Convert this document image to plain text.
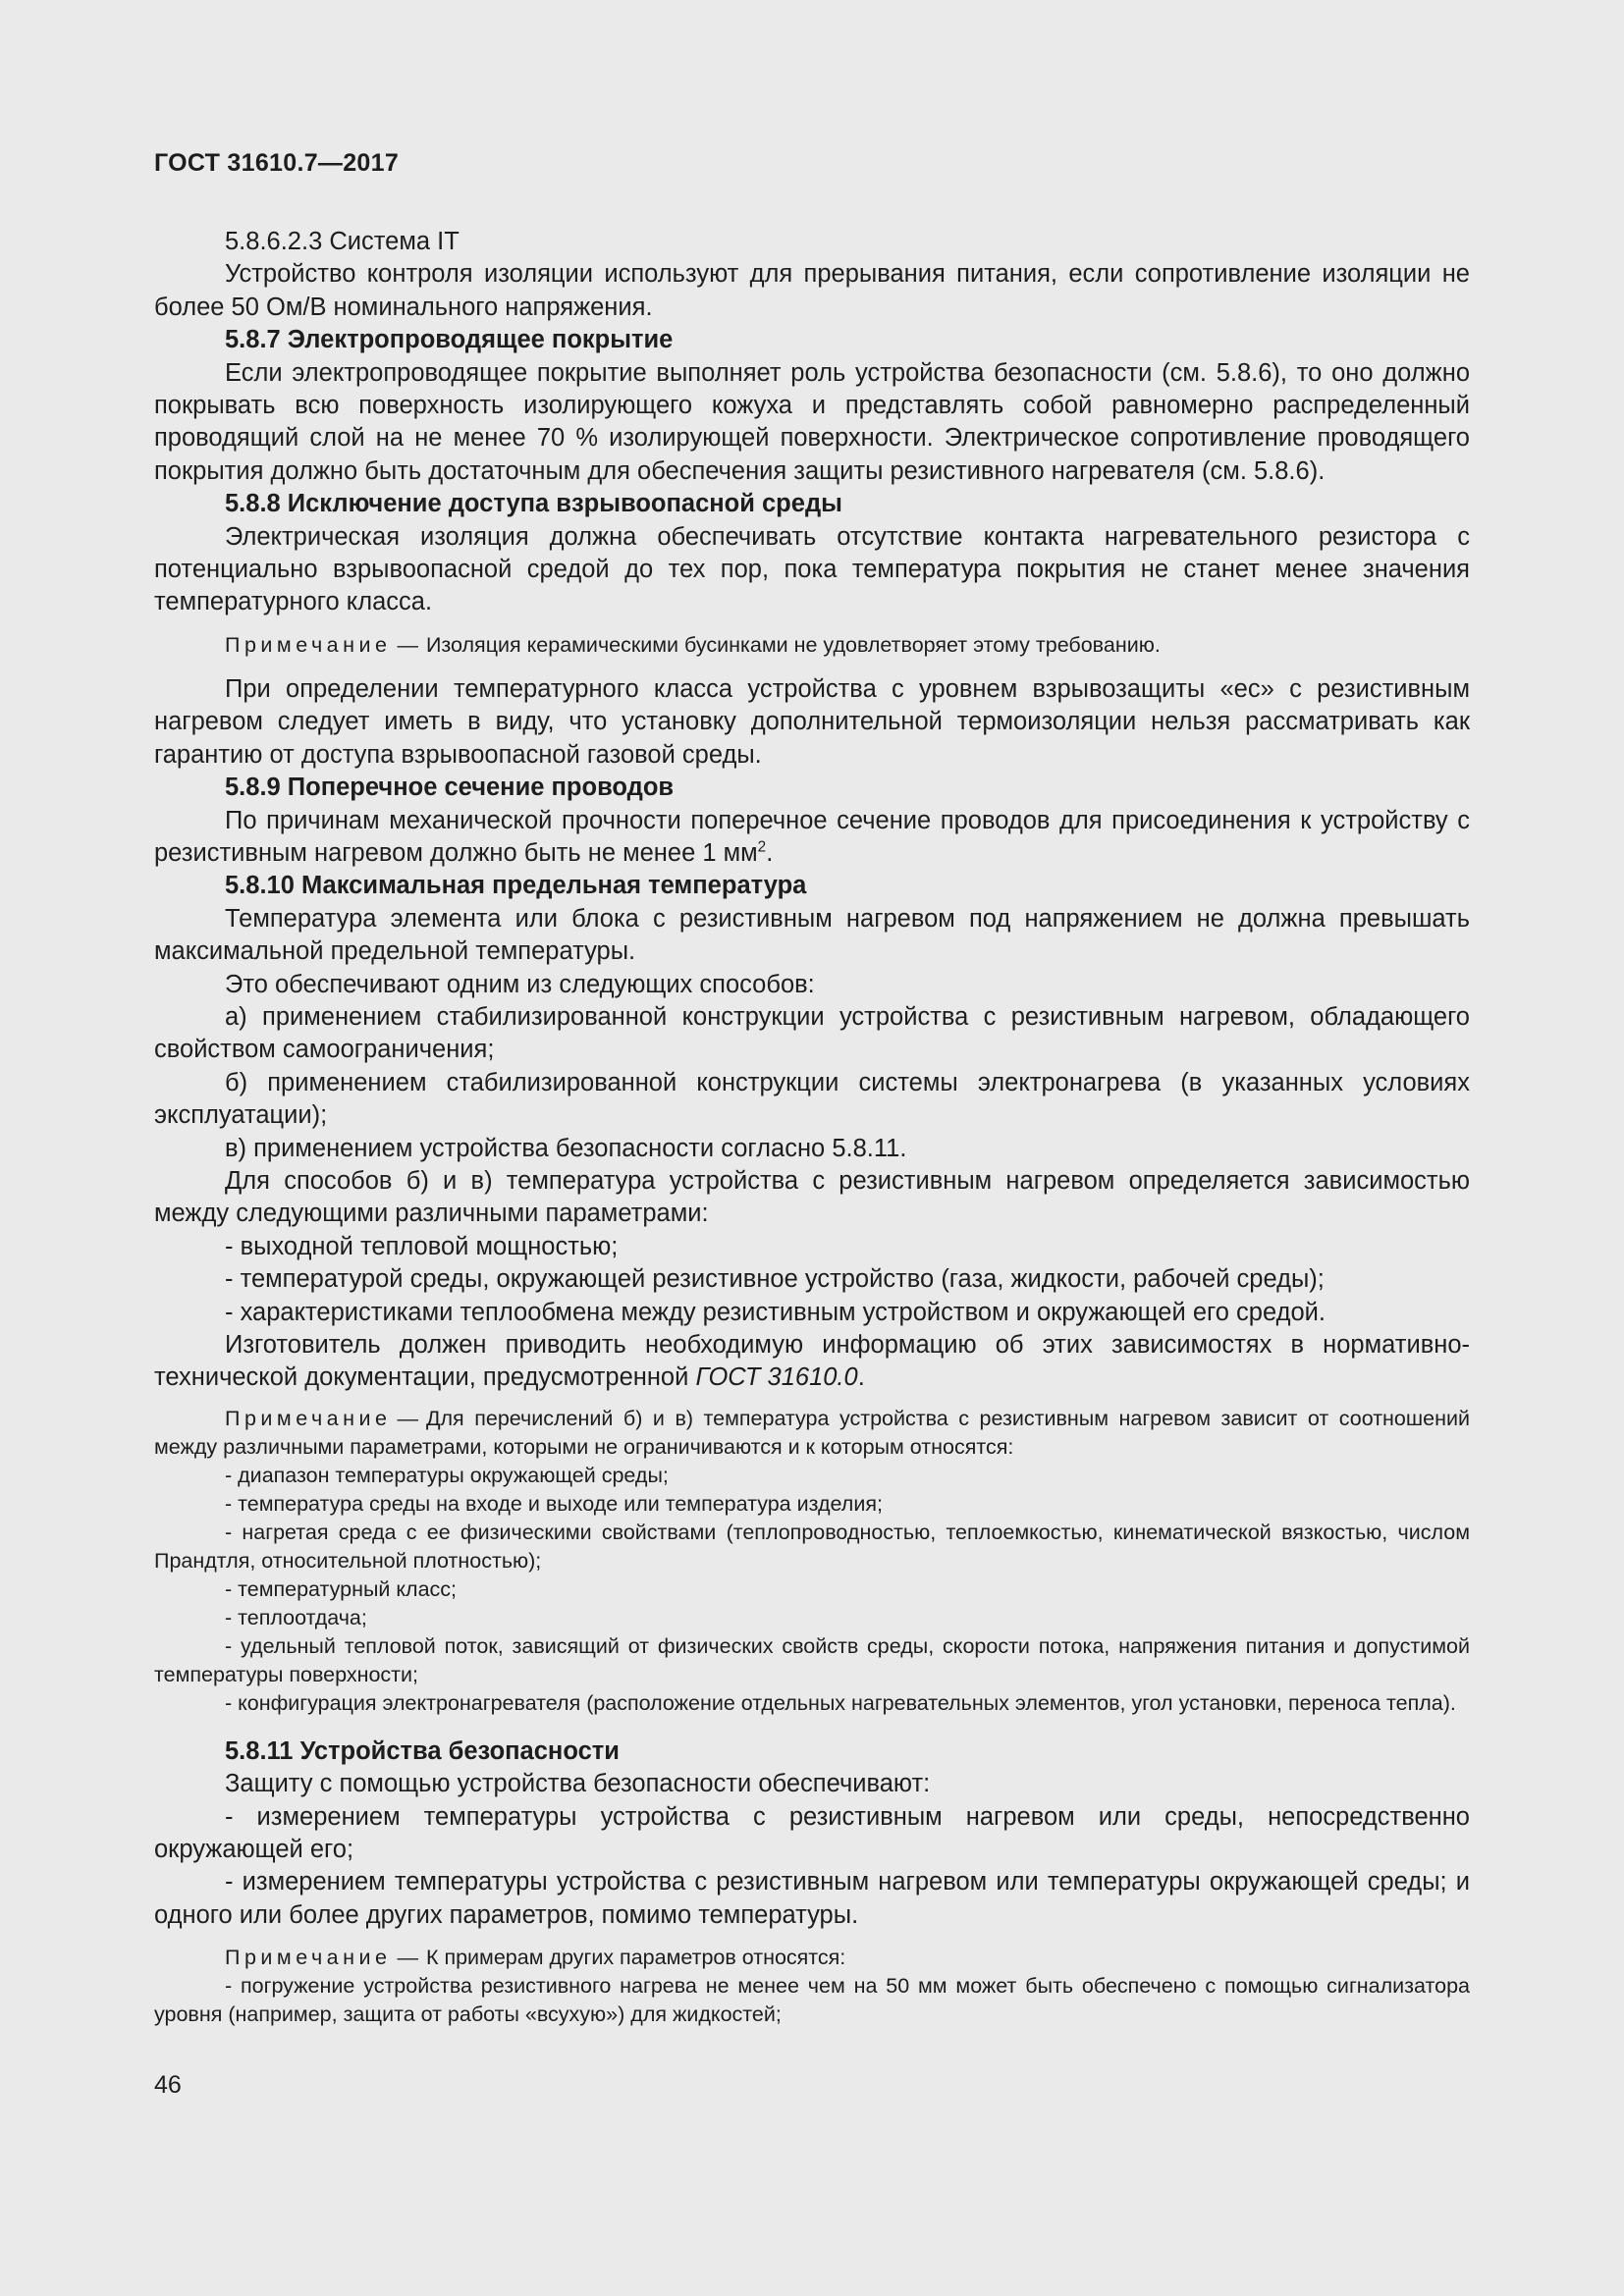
ГОСТ 31610.7—2017

5.8.6.2.3 Система IT

Устройство контроля изоляции используют для прерывания питания, если сопротивление изоляции не более 50 Ом/В номинального напряжения.

5.8.7 Электропроводящее покрытие

Если электропроводящее покрытие выполняет роль устройства безопасности (см. 5.8.6), то оно должно покрывать всю поверхность изолирующего кожуха и представлять собой равномерно распределенный проводящий слой на не менее 70 % изолирующей поверхности. Электрическое сопротивление проводящего покрытия должно быть достаточным для обеспечения защиты резистивного нагревателя (см. 5.8.6).

5.8.8 Исключение доступа взрывоопасной среды

Электрическая изоляция должна обеспечивать отсутствие контакта нагревательного резистора с потенциально взрывоопасной средой до тех пор, пока температура покрытия не станет менее значения температурного класса.

Примечание — Изоляция керамическими бусинками не удовлетворяет этому требованию.

При определении температурного класса устройства с уровнем взрывозащиты «ec» с резистивным нагревом следует иметь в виду, что установку дополнительной термоизоляции нельзя рассматривать как гарантию от доступа взрывоопасной газовой среды.

5.8.9 Поперечное сечение проводов

По причинам механической прочности поперечное сечение проводов для присоединения к устройству с резистивным нагревом должно быть не менее 1 $мм^2$.

5.8.10 Максимальная предельная температура

Температура элемента или блока с резистивным нагревом под напряжением не должна превышать максимальной предельной температуры.

Это обеспечивают одним из следующих способов:

а) применением стабилизированной конструкции устройства с резистивным нагревом, обладающего свойством самоограничения;

б) применением стабилизированной конструкции системы электронагрева (в указанных условиях эксплуатации);

в) применением устройства безопасности согласно 5.8.11.

Для способов б) и в) температура устройства с резистивным нагревом определяется зависимостью между следующими различными параметрами:

- выходной тепловой мощностью;

- температурой среды, окружающей резистивное устройство (газа, жидкости, рабочей среды);

- характеристиками теплообмена между резистивным устройством и окружающей его средой.

Изготовитель должен приводить необходимую информацию об этих зависимостях в нормативно-технической документации, предусмотренной ГОСТ 31610.0.

Примечание — Для перечислений б) и в) температура устройства с резистивным нагревом зависит от соотношений между различными параметрами, которыми не ограничиваются и к которым относятся:

- диапазон температуры окружающей среды;

- температура среды на входе и выходе или температура изделия;

- нагретая среда с ее физическими свойствами (теплопроводностью, теплоемкостью, кинематической вязкостью, числом Прандтля, относительной плотностью);

- температурный класс;

- теплоотдача;

- удельный тепловой поток, зависящий от физических свойств среды, скорости потока, напряжения питания и допустимой температуры поверхности;

- конфигурация электронагревателя (расположение отдельных нагревательных элементов, угол установки, переноса тепла).

5.8.11 Устройства безопасности

Защиту с помощью устройства безопасности обеспечивают:

- измерением температуры устройства с резистивным нагревом или среды, непосредственно окружающей его;

- измерением температуры устройства с резистивным нагревом или температуры окружающей среды; и одного или более других параметров, помимо температуры.

Примечание — К примерам других параметров относятся:

- погружение устройства резистивного нагрева не менее чем на 50 мм может быть обеспечено с помощью сигнализатора уровня (например, защита от работы «всухую») для жидкостей;

46
